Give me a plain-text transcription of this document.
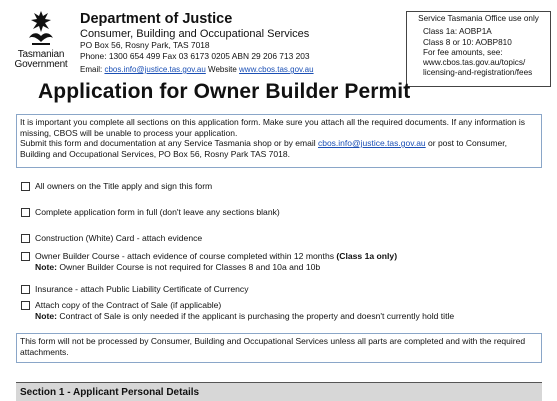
Tasmanian
Government
Department of Justice
Consumer, Building and Occupational Services
PO Box 56, Rosny Park, TAS 7018
Phone: 1300 654 499 Fax 03 6173 0205 ABN 29 206 713 203
Email: cbos.info@justice.tas.gov.au Website www.cbos.tas.gov.au
Service Tasmania Office use only
Class 1a: AOBP1A
Class 8 or 10: AOBP810
For fee amounts, see:
www.cbos.tas.gov.au/topics/
licensing-and-registration/fees
Application for Owner Builder Permit
It is important you complete all sections on this application form. Make sure you attach all the required documents. If any information is missing, CBOS will be unable to process your application.
Submit this form and documentation at any Service Tasmania shop or by email cbos.info@justice.tas.gov.au or post to Consumer, Building and Occupational Services, PO Box 56, Rosny Park TAS 7018.
All owners on the Title apply and sign this form
Complete application form in full (don't leave any sections blank)
Construction (White) Card - attach evidence
Owner Builder Course - attach evidence of course completed within 12 months (Class 1a only)
Note: Owner Builder Course is not required for Classes 8 and 10a and 10b
Insurance - attach Public Liability Certificate of Currency
Attach copy of the Contract of Sale (if applicable)
Note: Contract of Sale is only needed if the applicant is purchasing the property and doesn't currently hold title
This form will not be processed by Consumer, Building and Occupational Services unless all parts are completed and with the required attachments.
Section 1 - Applicant Personal Details
